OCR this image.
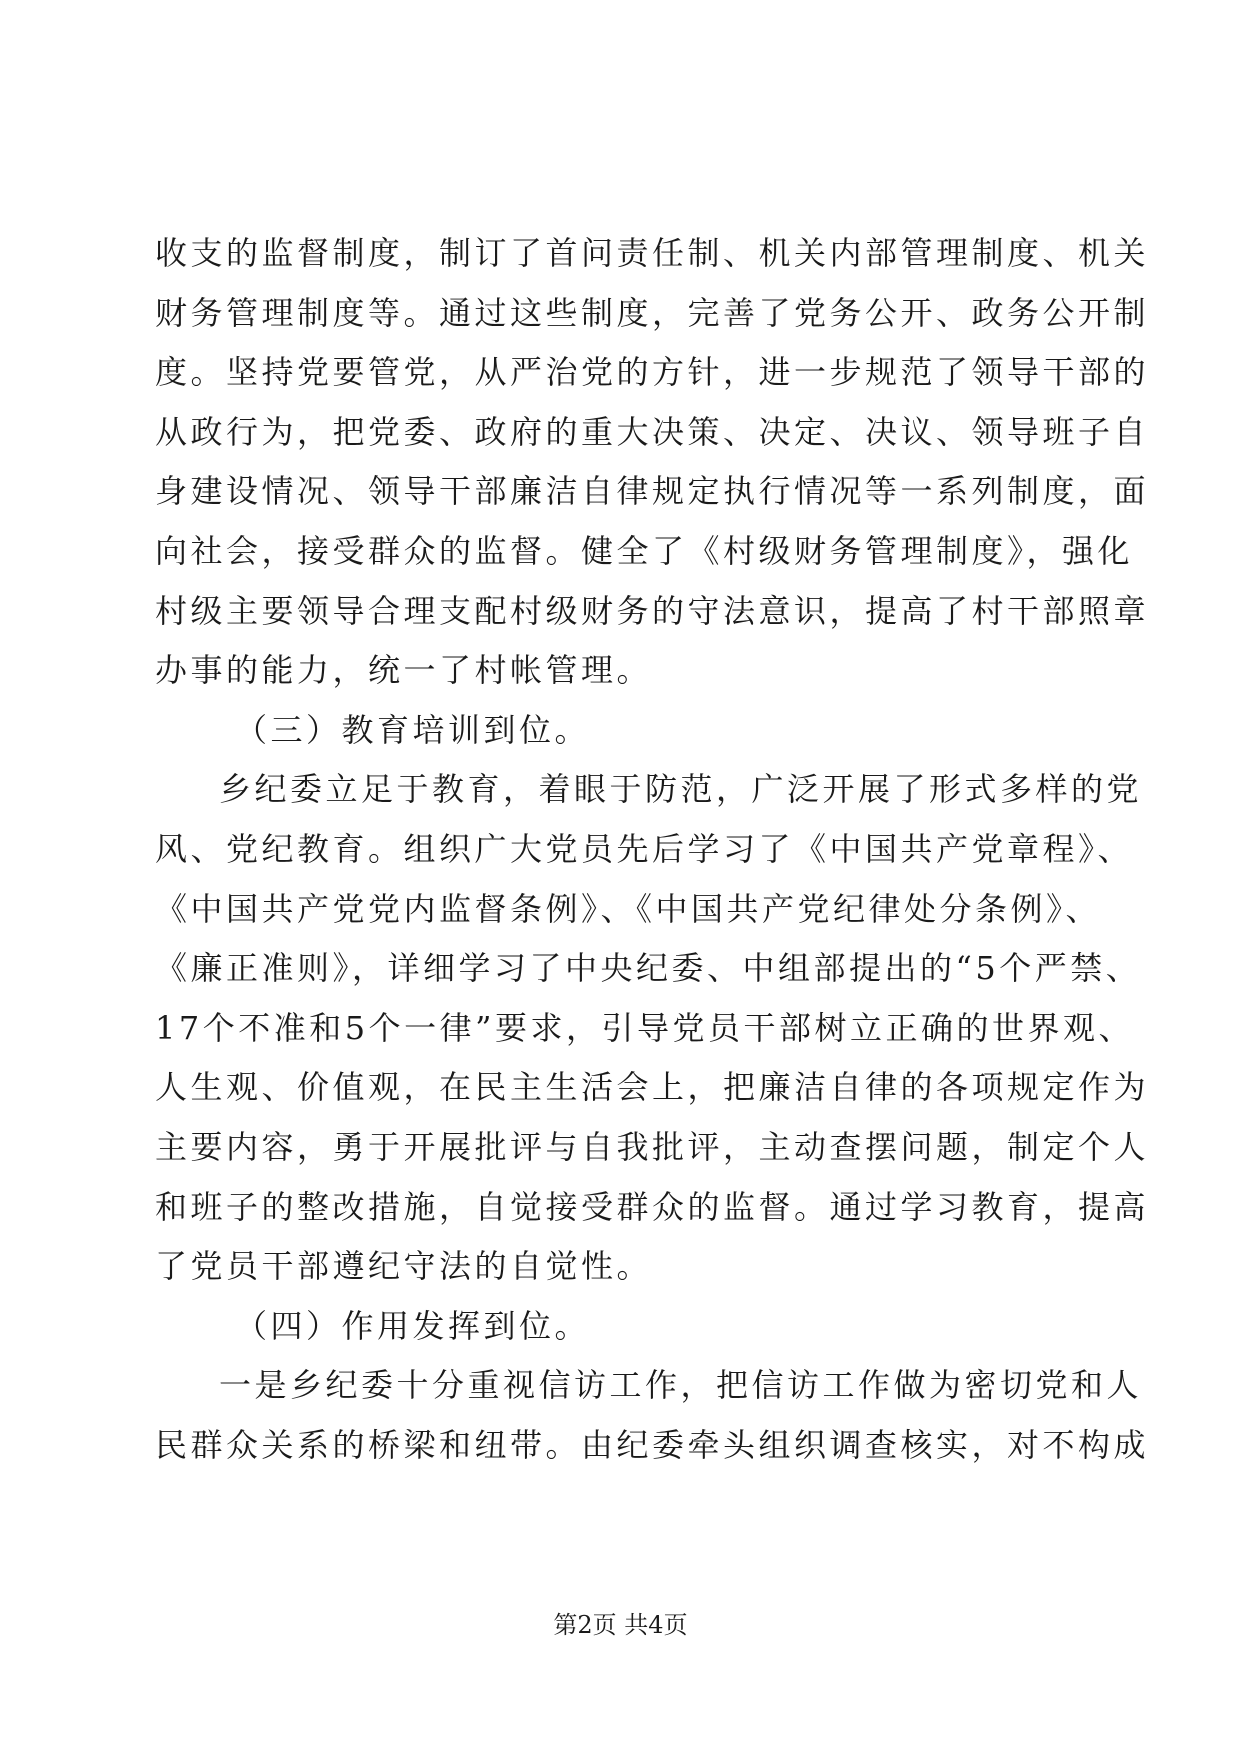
收支的监督制度，制订了首问责任制、机关内部管理制度、机关
财务管理制度等。通过这些制度，完善了党务公开、政务公开制
度。坚持党要管党，从严治党的方针，进一步规范了领导干部的
从政行为，把党委、政府的重大决策、决定、决议、领导班子自
身建设情况、领导干部廉洁自律规定执行情况等一系列制度，面
向社会，接受群众的监督。健全了《村级财务管理制度》，强化
村级主要领导合理支配村级财务的守法意识，提高了村干部照章
办事的能力，统一了村帐管理。
（三）教育培训到位。
乡纪委立足于教育，着眼于防范，广泛开展了形式多样的党
风、党纪教育。组织广大党员先后学习了《中国共产党章程》、
《中国共产党党内监督条例》、《中国共产党纪律处分条例》、
《廉正准则》，详细学习了中央纪委、中组部提出的“5个严禁、
17个不准和5个一律”要求，引导党员干部树立正确的世界观、
人生观、价值观，在民主生活会上，把廉洁自律的各项规定作为
主要内容，勇于开展批评与自我批评，主动查摆问题，制定个人
和班子的整改措施，自觉接受群众的监督。通过学习教育，提高
了党员干部遵纪守法的自觉性。
（四）作用发挥到位。
一是乡纪委十分重视信访工作，把信访工作做为密切党和人
民群众关系的桥梁和纽带。由纪委牵头组织调查核实，对不构成
第2页 共4页
